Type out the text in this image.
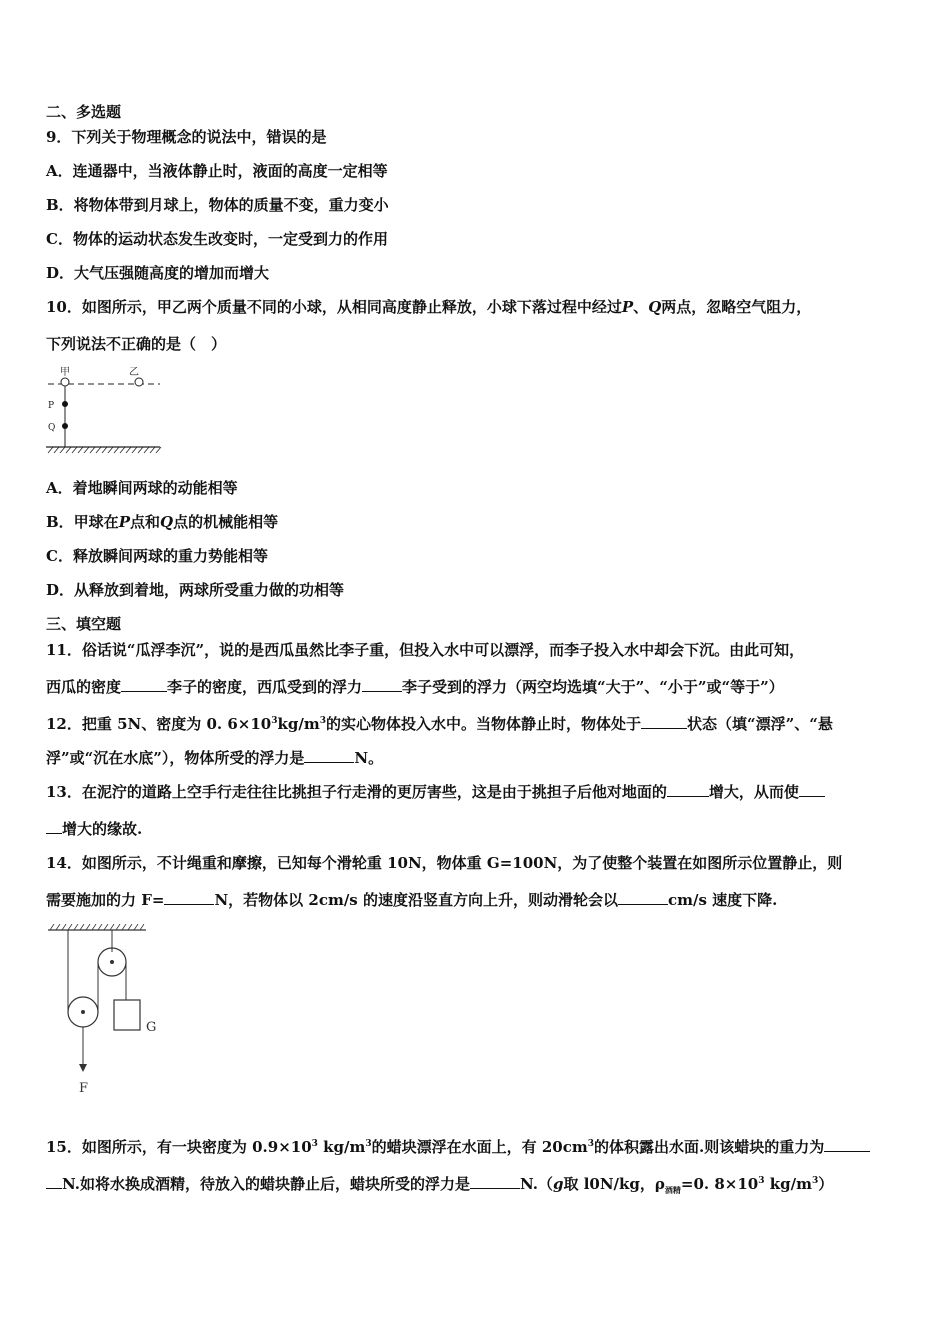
二、多选题
9．下列关于物理概念的说法中，错误的是
A．连通器中，当液体静止时，液面的高度一定相等
B．将物体带到月球上，物体的质量不变，重力变小
C．物体的运动状态发生改变时，一定受到力的作用
D．大气压强随高度的增加而增大
10．如图所示，甲乙两个质量不同的小球，从相同高度静止释放，小球下落过程中经过P、Q两点，忽略空气阻力，
下列说法不正确的是（　）
甲	乙
P
Q
A．着地瞬间两球的动能相等
B．甲球在P点和Q点的机械能相等
C．释放瞬间两球的重力势能相等
D．从释放到着地，两球所受重力做的功相等
三、填空题
11．俗话说“瓜浮李沉”，说的是西瓜虽然比李子重，但投入水中可以漂浮，而李子投入水中却会下沉。由此可知，
西瓜的密度	李子的密度，西瓜受到的浮力	李子受到的浮力（两空均选填“大于”、“小于”或“等于”）
12．把重 5N、密度为 0. $6\times 10^3kg/m^3$的实心物体投入水中。当物体静止时，物体处于	状态（填“漂浮”、“悬
浮”或“沉在水底”），物体所受的浮力是	N。
13．在泥泞的道路上空手行走往往比挑担子行走滑的更厉害些，这是由于挑担子后他对地面的	增大，从而使
增大的缘故.
14．如图所示，不计绳重和摩擦，已知每个滑轮重 10N，物体重 G=100N，为了使整个装置在如图所示位置静止，则
需要施加的力 F=	N，若物体以 2cm/s 的速度沿竖直方向上升，则动滑轮会以	cm/s 速度下降.
F
G
15．如图所示，有一块密度为 $0.9\times 10^3$ $kg/m^3$的蜡块漂浮在水面上，有 $20cm^3$的体积露出水面.则该蜡块的重力为
N.如将水换成酒精，待放入的蜡块静止后，蜡块所受的浮力是	N.（g取 l0N/kg，$\rho_{酒精}=0$. $8\times 10^3$ $kg/m^3$）
